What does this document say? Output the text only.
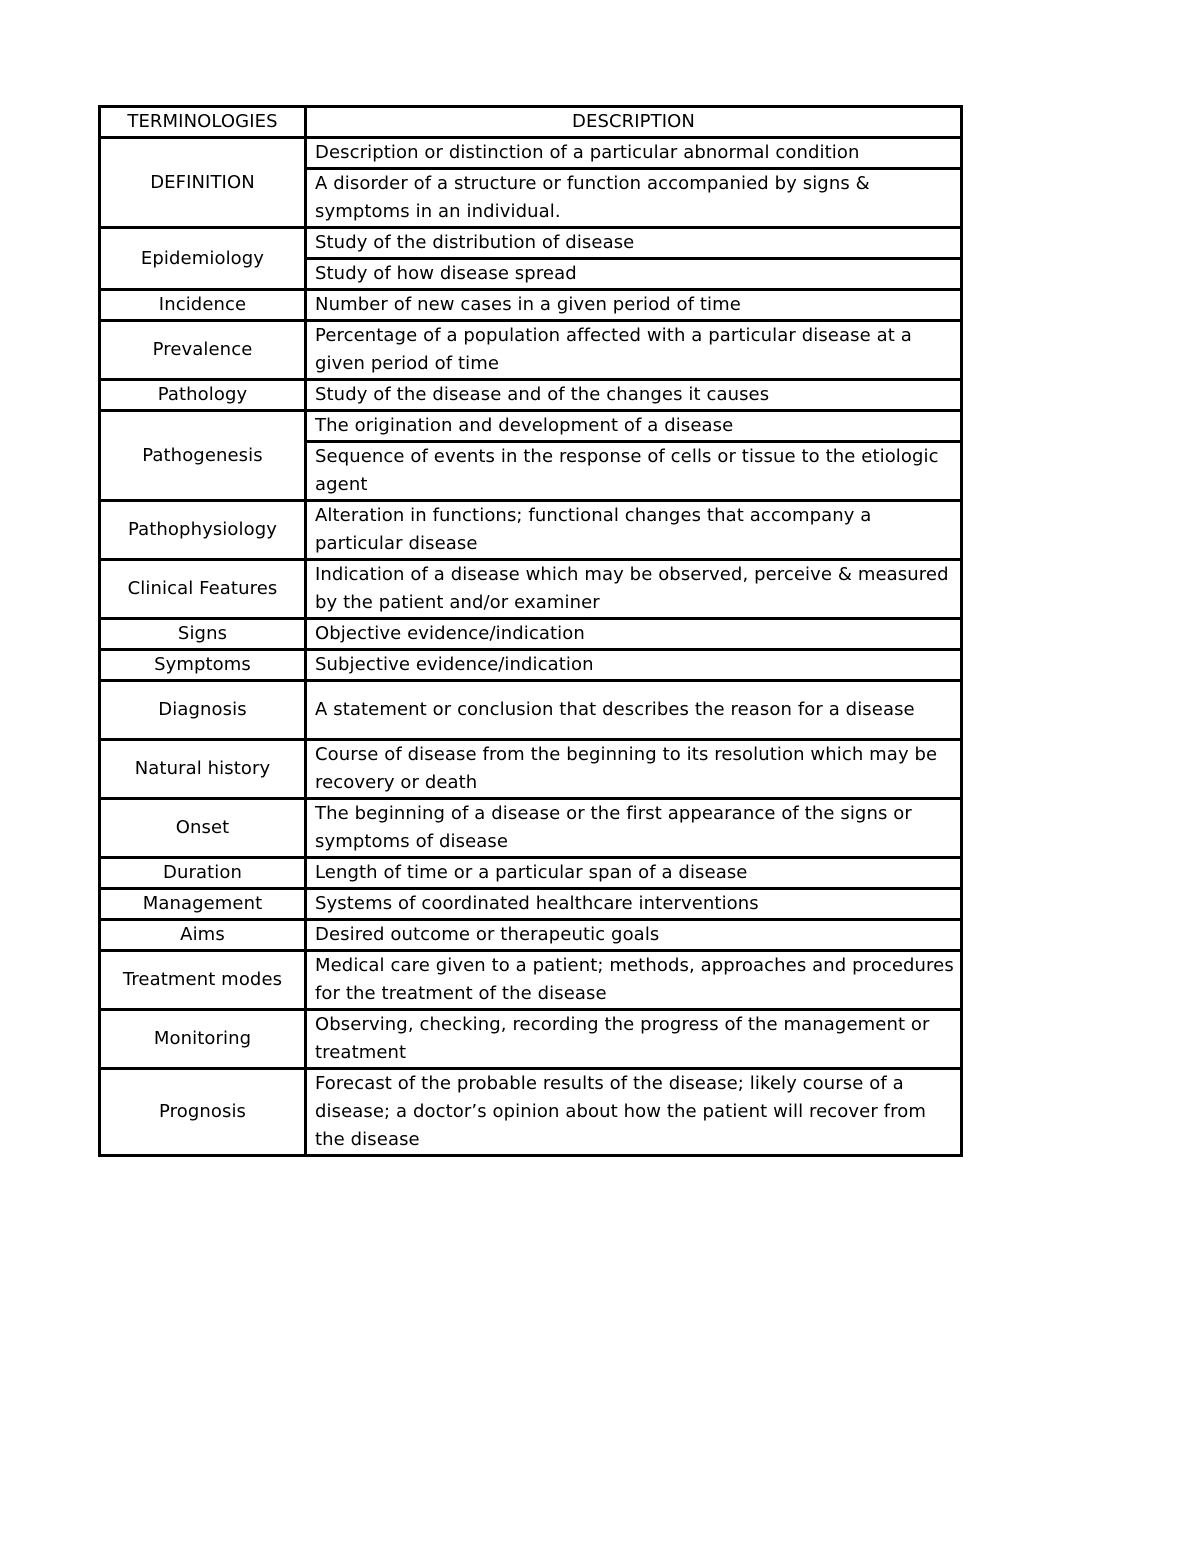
TERMINOLOGIES	DESCRIPTION
DEFINITION	Description or distinction of a particular abnormal condition
	A disorder of a structure or function accompanied by signs & symptoms in an individual.
Epidemiology	Study of the distribution of disease
	Study of how disease spread
Incidence	Number of new cases in a given period of time
Prevalence	Percentage of a population affected with a particular disease at a given period of time
Pathology	Study of the disease and of the changes it causes
Pathogenesis	The origination and development of a disease
	Sequence of events in the response of cells or tissue to the etiologic agent
Pathophysiology	Alteration in functions; functional changes that accompany a particular disease
Clinical Features	Indication of a disease which may be observed, perceive & measured by the patient and/or examiner
Signs	Objective evidence/indication
Symptoms	Subjective evidence/indication
Diagnosis	A statement or conclusion that describes the reason for a disease
Natural history	Course of disease from the beginning to its resolution which may be recovery or death
Onset	The beginning of a disease or the first appearance of the signs or symptoms of disease
Duration	Length of time or a particular span of a disease
Management	Systems of coordinated healthcare interventions
Aims	Desired outcome or therapeutic goals
Treatment modes	Medical care given to a patient; methods, approaches and procedures for the treatment of the disease
Monitoring	Observing, checking, recording the progress of the management or treatment
Prognosis	Forecast of the probable results of the disease; likely course of a disease; a doctor’s opinion about how the patient will recover from the disease
